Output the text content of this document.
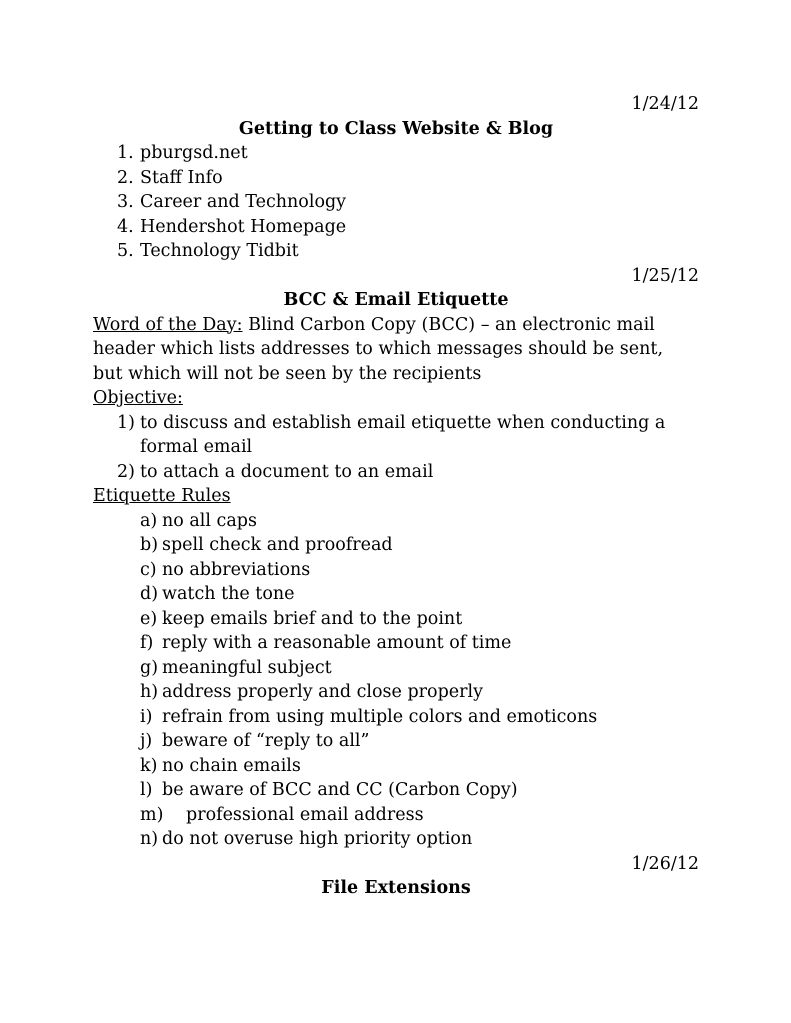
1/24/12
Getting to Class Website & Blog
1. pburgsd.net
2. Staff Info
3. Career and Technology
4. Hendershot Homepage
5. Technology Tidbit
1/25/12
BCC & Email Etiquette
Word of the Day: Blind Carbon Copy (BCC) – an electronic mail
header which lists addresses to which messages should be sent,
but which will not be seen by the recipients
Objective:
1) to discuss and establish email etiquette when conducting a
formal email
2) to attach a document to an email
Etiquette Rules
a) no all caps
b) spell check and proofread
c) no abbreviations
d) watch the tone
e) keep emails brief and to the point
f) reply with a reasonable amount of time
g) meaningful subject
h) address properly and close properly
i) refrain from using multiple colors and emoticons
j) beware of “reply to all”
k) no chain emails
l) be aware of BCC and CC (Carbon Copy)
m) professional email address
n) do not overuse high priority option
1/26/12
File Extensions
